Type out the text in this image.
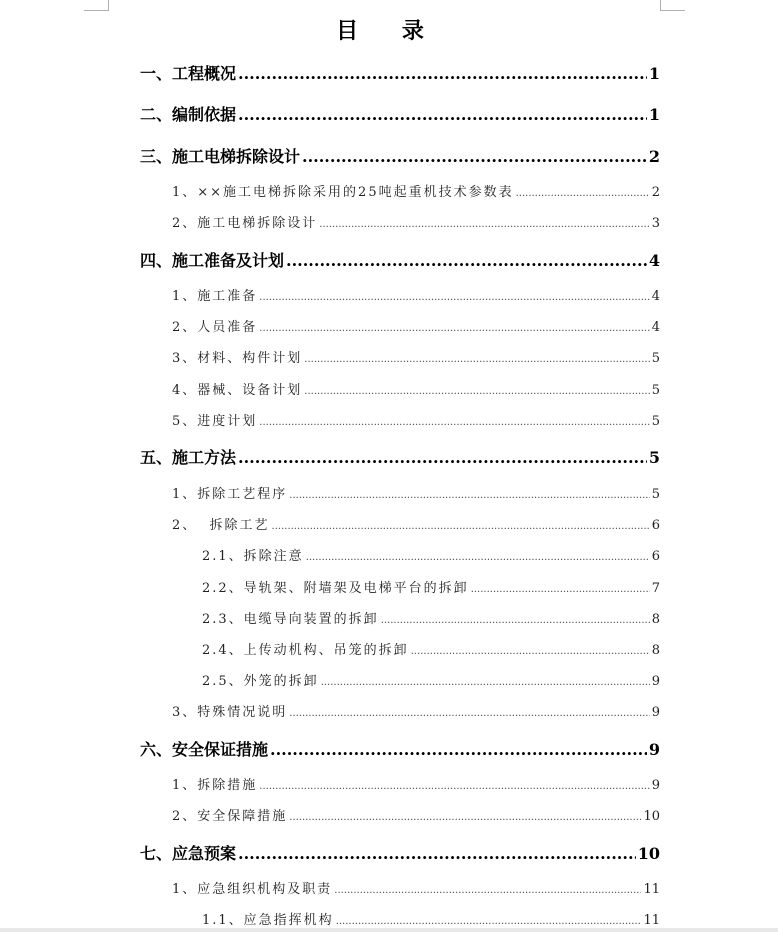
目 录
一、工程概况 .....	1
二、编制依据 .....	1
三、施工电梯拆除设计 .....	2
1、××施工电梯拆除采用的25吨起重机技术参数表 .....	2
2、施工电梯拆除设计 .....	3
四、施工准备及计划 .....	4
1、施工准备 .....	4
2、人员准备 .....	4
3、材料、构件计划 .....	5
4、器械、设备计划 .....	5
5、进度计划 .....	5
五、施工方法 .....	5
1、拆除工艺程序 .....	5
2、  拆除工艺 .....	6
2.1、拆除注意 .....	6
2.2、导轨架、附墙架及电梯平台的拆卸 .....	7
2.3、电缆导向装置的拆卸 .....	8
2.4、上传动机构、吊笼的拆卸 .....	8
2.5、外笼的拆卸 .....	9
3、特殊情况说明 .....	9
六、安全保证措施 .....	9
1、拆除措施 .....	9
2、安全保障措施 .....	10
七、应急预案 .....	10
1、应急组织机构及职责 .....	11
1.1、应急指挥机构 .....	11
